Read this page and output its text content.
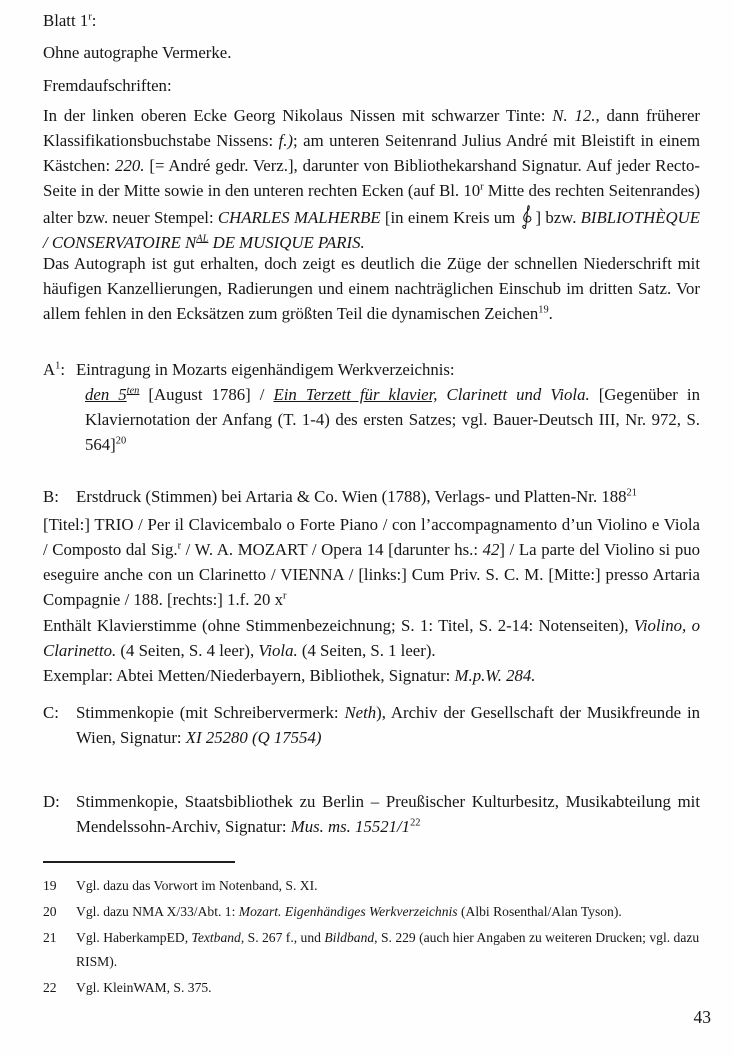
Blatt 1$^r$:
Ohne autographe Vermerke.
Fremdaufschriften:
In der linken oberen Ecke Georg Nikolaus Nissen mit schwarzer Tinte: N. 12., dann früherer Klassifikationsbuchstabe Nissens: f.); am unteren Seitenrand Julius André mit Bleistift in einem Kästchen: 220. [= André gedr. Verz.], darunter von Bibliothekarshand Signatur. Auf jeder Recto-Seite in der Mitte sowie in den unteren rechten Ecken (auf Bl. 10$^r$ Mitte des rechten Seitenrandes) alter bzw. neuer Stempel: CHARLES MALHERBE [in einem Kreis um ] bzw. BIBLIOTHÈQUE / CONSERVATOIRE $N^{AL}$ DE MUSIQUE PARIS.
Das Autograph ist gut erhalten, doch zeigt es deutlich die Züge der schnellen Niederschrift mit häufigen Kanzellierungen, Radierungen und einem nachträglichen Einschub im dritten Satz. Vor allem fehlen in den Ecksätzen zum größten Teil die dynamischen Zeichen$^{19}$.
$A^1$: Eintragung in Mozarts eigenhändigem Werkverzeichnis:
den $5^{ten}$ [August 1786] / Ein Terzett für klavier, Clarinett und Viola. [Gegenüber in Klaviernotation der Anfang (T. 1-4) des ersten Satzes; vgl. Bauer-Deutsch III, Nr. 972, S. 564]$^{20}$
B:	Erstdruck (Stimmen) bei Artaria & Co. Wien (1788), Verlags- und Platten-Nr. $188^{21}$
[Titel:] TRIO / Per il Clavicembalo o Forte Piano / con l’accompagnamento d’un Violino e Viola / Composto dal Sig.$^r$ / W. A. MOZART / Opera 14 [darunter hs.: 42] / La parte del Violino si puo eseguire anche con un Clarinetto / VIENNA / [links:] Cum Priv. S. C. M. [Mitte:] presso Artaria Compagnie / 188. [rechts:] 1.f. 20 $x^r$
Enthält Klavierstimme (ohne Stimmenbezeichnung; S. 1: Titel, S. 2-14: Notenseiten), Violino, o Clarinetto. (4 Seiten, S. 4 leer), Viola. (4 Seiten, S. 1 leer).
Exemplar: Abtei Metten/Niederbayern, Bibliothek, Signatur: M.p.W. 284.
C:	Stimmenkopie (mit Schreibervermerk: Neth), Archiv der Gesellschaft der Musikfreunde in Wien, Signatur: XI 25280 (Q 17554)
D: Stimmenkopie, Staatsbibliothek zu Berlin – Preußischer Kulturbesitz, Musikabteilung mit Mendelssohn-Archiv, Signatur: Mus. ms. $15521/1^{22}$
19	Vgl. dazu das Vorwort im Notenband, S. XI.
20	Vgl. dazu NMA X/33/Abt. 1: Mozart. Eigenhändiges Werkverzeichnis (Albi Rosenthal/Alan Tyson).
21	Vgl. HaberkampED, Textband, S. 267 f., und Bildband, S. 229 (auch hier Angaben zu weiteren Drucken; vgl. dazu RISM).
22	Vgl. KleinWAM, S. 375.
43
